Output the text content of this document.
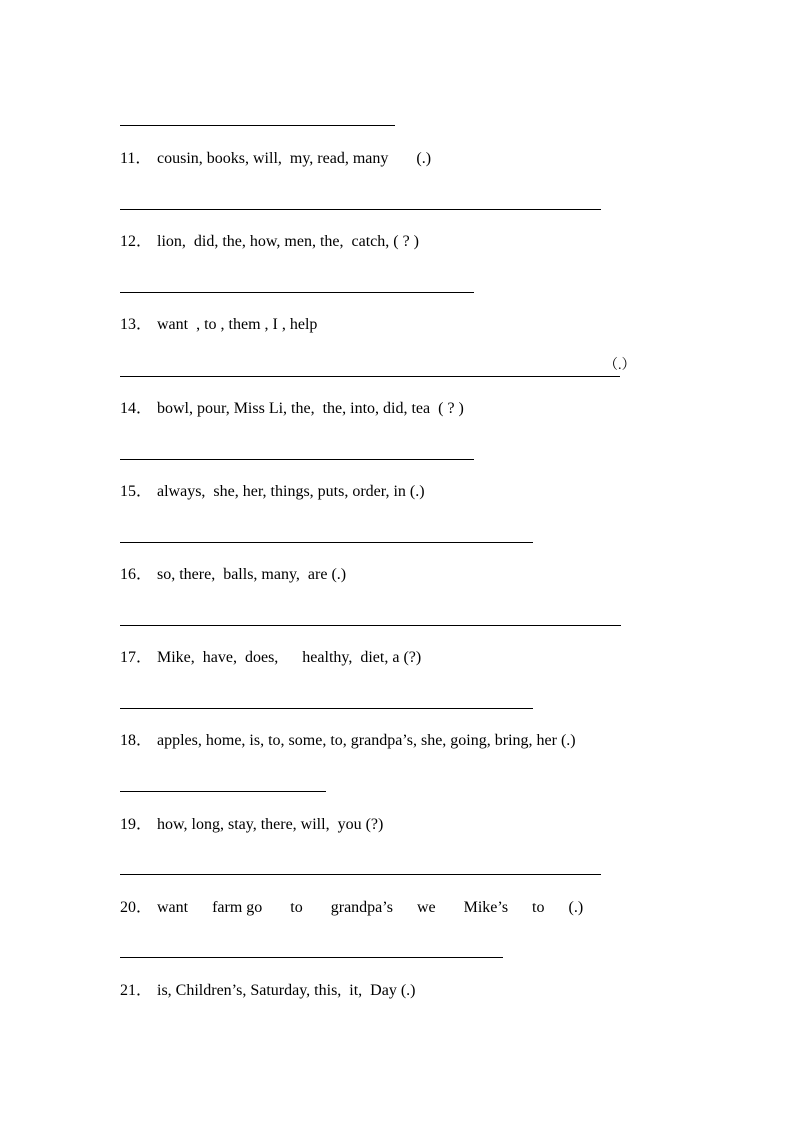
11． cousin, books, will,  my, read, many       (.)
12． lion,  did, the, how, men, the,  catch, ( ? )
13． want  , to , them , I , help
（.）
14． bowl, pour, Miss Li, the,  the, into, did, tea  ( ? )
15． always,  she, her, things, puts, order, in (.)
16． so, there,  balls, many,  are (.)
17． Mike,  have,  does,      healthy,  diet, a (?)
18． apples, home, is, to, some, to, grandpa’s, she, going, bring, her (.)
19． how, long, stay, there, will,  you (?)
20． want      farm go       to       grandpa’s      we       Mike’s      to      (.)
21． is, Children’s, Saturday, this,  it,  Day (.)
